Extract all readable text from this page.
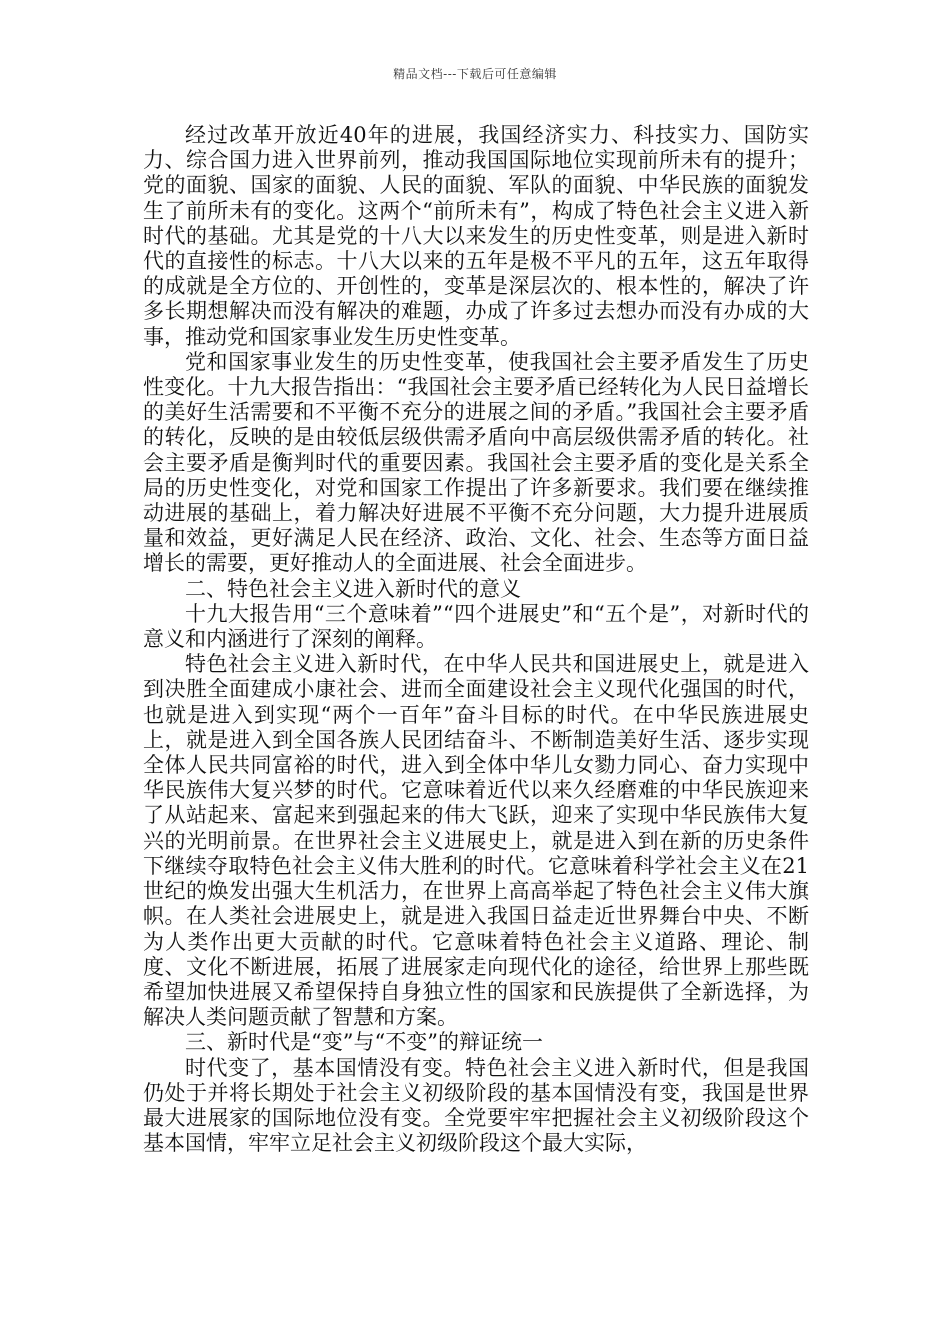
精品文档---下载后可任意编辑

经过改革开放近40年的进展，我国经济实力、科技实力、国防实力、综合国力进入世界前列，推动我国国际地位实现前所未有的提升；党的面貌、国家的面貌、人民的面貌、军队的面貌、中华民族的面貌发生了前所未有的变化。这两个“前所未有”，构成了特色社会主义进入新时代的基础。尤其是党的十八大以来发生的历史性变革，则是进入新时代的直接性的标志。十八大以来的五年是极不平凡的五年，这五年取得的成就是全方位的、开创性的，变革是深层次的、根本性的，解决了许多长期想解决而没有解决的难题，办成了许多过去想办而没有办成的大事，推动党和国家事业发生历史性变革。

党和国家事业发生的历史性变革，使我国社会主要矛盾发生了历史性变化。十九大报告指出：“我国社会主要矛盾已经转化为人民日益增长的美好生活需要和不平衡不充分的进展之间的矛盾。”我国社会主要矛盾的转化，反映的是由较低层级供需矛盾向中高层级供需矛盾的转化。社会主要矛盾是衡判时代的重要因素。我国社会主要矛盾的变化是关系全局的历史性变化，对党和国家工作提出了许多新要求。我们要在继续推动进展的基础上，着力解决好进展不平衡不充分问题，大力提升进展质量和效益，更好满足人民在经济、政治、文化、社会、生态等方面日益增长的需要，更好推动人的全面进展、社会全面进步。

二、特色社会主义进入新时代的意义

十九大报告用“三个意味着”“四个进展史”和“五个是”，对新时代的意义和内涵进行了深刻的阐释。

特色社会主义进入新时代，在中华人民共和国进展史上，就是进入到决胜全面建成小康社会、进而全面建设社会主义现代化强国的时代，也就是进入到实现“两个一百年”奋斗目标的时代。在中华民族进展史上，就是进入到全国各族人民团结奋斗、不断制造美好生活、逐步实现全体人民共同富裕的时代，进入到全体中华儿女勠力同心、奋力实现中华民族伟大复兴梦的时代。它意味着近代以来久经磨难的中华民族迎来了从站起来、富起来到强起来的伟大飞跃，迎来了实现中华民族伟大复兴的光明前景。在世界社会主义进展史上，就是进入到在新的历史条件下继续夺取特色社会主义伟大胜利的时代。它意味着科学社会主义在21世纪的焕发出强大生机活力，在世界上高高举起了特色社会主义伟大旗帜。在人类社会进展史上，就是进入我国日益走近世界舞台中央、不断为人类作出更大贡献的时代。它意味着特色社会主义道路、理论、制度、文化不断进展，拓展了进展家走向现代化的途径，给世界上那些既希望加快进展又希望保持自身独立性的国家和民族提供了全新选择，为解决人类问题贡献了智慧和方案。

三、新时代是“变”与“不变”的辩证统一

时代变了，基本国情没有变。特色社会主义进入新时代，但是我国仍处于并将长期处于社会主义初级阶段的基本国情没有变，我国是世界最大进展家的国际地位没有变。全党要牢牢把握社会主义初级阶段这个基本国情，牢牢立足社会主义初级阶段这个最大实际，
